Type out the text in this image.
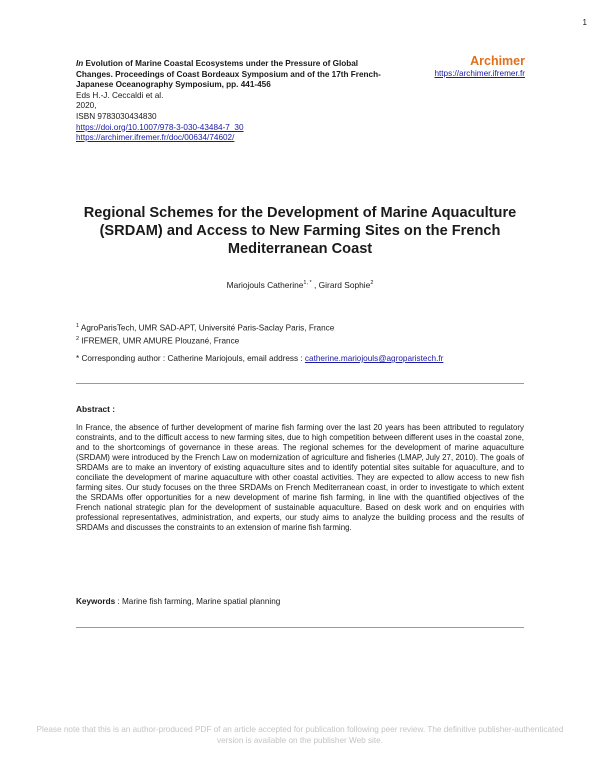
1
In Evolution of Marine Coastal Ecosystems under the Pressure of Global Changes. Proceedings of Coast Bordeaux Symposium and of the 17th French-Japanese Oceanography Symposium, pp. 441-456
Eds H.-J. Ceccaldi et al.
2020,
ISBN 9783030434830
https://doi.org/10.1007/978-3-030-43484-7_30
https://archimer.ifremer.fr/doc/00634/74602/
Archimer
https://archimer.ifremer.fr
Regional Schemes for the Development of Marine Aquaculture (SRDAM) and Access to New Farming Sites on the French Mediterranean Coast
Mariojouls Catherine$^{1, *}$ , Girard Sophie$^2$
$^1$ AgroParisTech, UMR SAD-APT, Université Paris-Saclay Paris, France
$^2$ IFREMER, UMR AMURE Plouzané, France
* Corresponding author : Catherine Mariojouls, email address : catherine.mariojouls@agroparistech.fr
Abstract :

In France, the absence of further development of marine fish farming over the last 20 years has been attributed to regulatory constraints, and to the difficult access to new farming sites, due to high competition between different uses in the coastal zone, and to the shortcomings of governance in these areas. The regional schemes for the development of marine aquaculture (SRDAM) were introduced by the French Law on modernization of agriculture and fisheries (LMAP, July 27, 2010). The goals of SRDAMs are to make an inventory of existing aquaculture sites and to identify potential sites suitable for aquaculture, and to conciliate the development of marine aquaculture with other coastal activities. They are expected to allow access to new fish farming sites. Our study focuses on the three SRDAMs on French Mediterranean coast, in order to investigate to which extent the SRDAMs offer opportunities for a new development of marine fish farming, in line with the quantified objectives of the French national strategic plan for the development of sustainable aquaculture. Based on desk work and on enquiries with professional representatives, administration, and experts, our study aims to analyze the building process and the results of SRDAMs and discusses the constraints to an extension of marine fish farming.

Keywords : Marine fish farming, Marine spatial planning
Please note that this is an author-produced PDF of an article accepted for publication following peer review. The definitive publisher-authenticated version is available on the publisher Web site.
